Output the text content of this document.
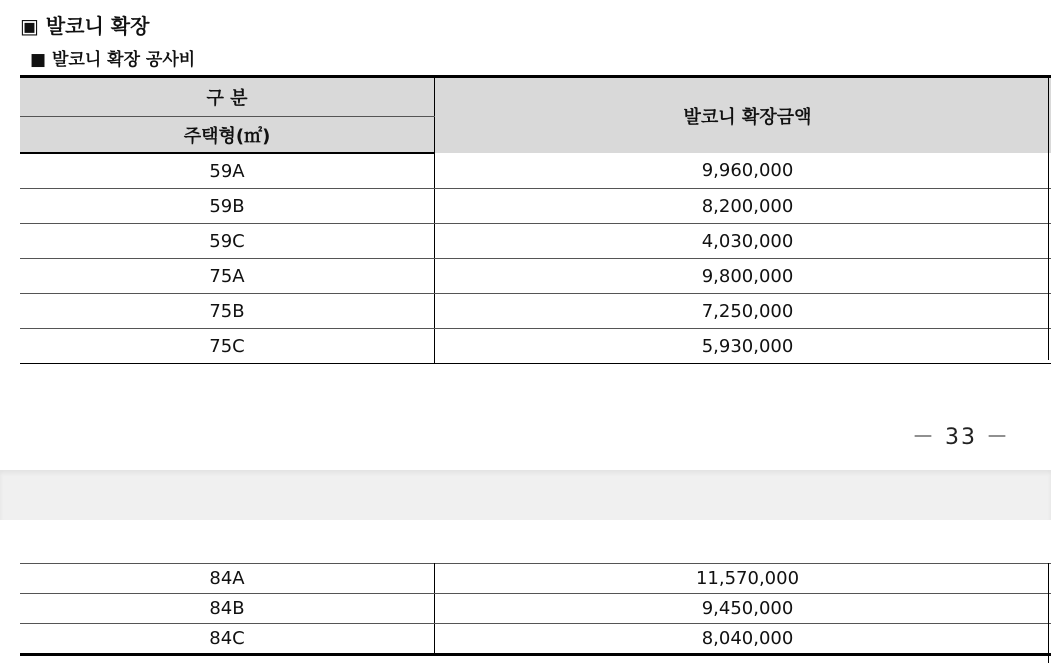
▣ 발코니 확장
■ 발코니 확장 공사비
구 분	발코니 확장금액
주택형(㎡)	
59A	9,960,000
59B	8,200,000
59C	4,030,000
75A	9,800,000
75B	7,250,000
75C	5,930,000
－ 33 －
84A	11,570,000
84B	9,450,000
84C	8,040,000
